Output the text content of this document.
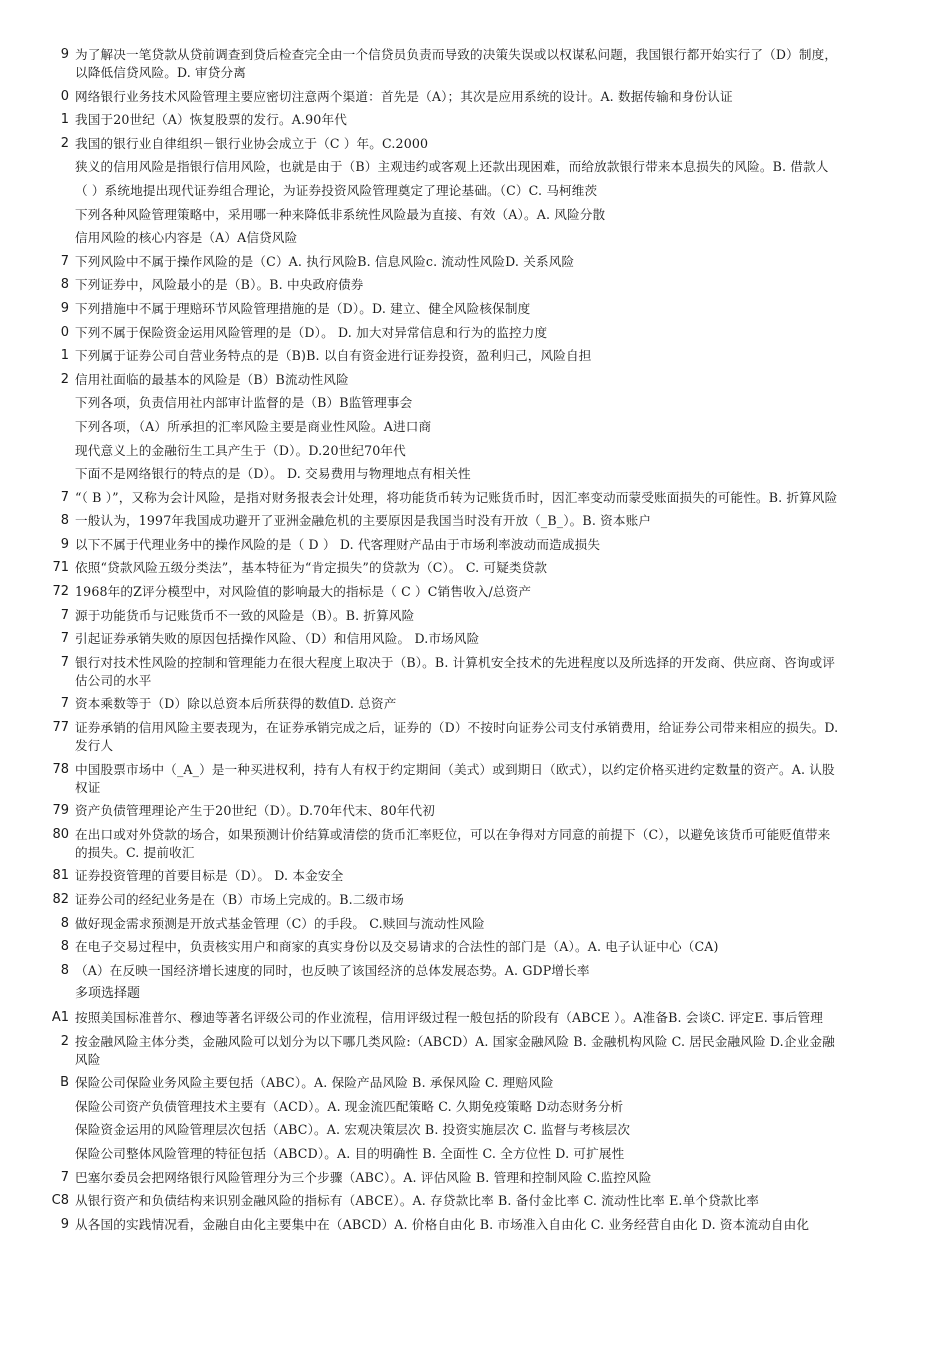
9 为了解决一笔贷款从贷前调查到贷后检查完全由一个信贷员负责而导致的决策失误或以权谋私问题，我国银行都开始实行了（D）制度，以降低信贷风险。D. 审贷分离
0 网络银行业务技术风险管理主要应密切注意两个渠道：首先是（A）；其次是应用系统的设计。A. 数据传输和身份认证
1 我国于20世纪（A）恢复股票的发行。A.90年代
2 我国的银行业自律组织－银行业协会成立于（C ）年。C.2000
狭义的信用风险是指银行信用风险，也就是由于（B）主观违约或客观上还款出现困难，而给放款银行带来本息损失的风险。B. 借款人
（ ）系统地提出现代证券组合理论，为证券投资风险管理奠定了理论基础。（C）C. 马柯维茨
下列各种风险管理策略中，采用哪一种来降低非系统性风险最为直接、有效（A）。A. 风险分散
信用风险的核心内容是（A）A信贷风险
7 下列风险中不属于操作风险的是（C）A. 执行风险B. 信息风险c. 流动性风险D. 关系风险
8 下列证券中，风险最小的是（B）。B. 中央政府债券
9 下列措施中不属于理赔环节风险管理措施的是（D）。D. 建立、健全风险核保制度
0 下列不属于保险资金运用风险管理的是（D）。 D. 加大对异常信息和行为的监控力度
1 下列属于证券公司自营业务特点的是（B)B. 以自有资金进行证券投资，盈利归己，风险自担
2 信用社面临的最基本的风险是（B）B流动性风险
下列各项，负责信用社内部审计监督的是（B）B监管理事会
下列各项，（A）所承担的汇率风险主要是商业性风险。A进口商
现代意义上的金融衍生工具产生于（D）。D.20世纪70年代
下面不是网络银行的特点的是（D）。 D. 交易费用与物理地点有相关性
7 “（ B ）”，又称为会计风险，是指对财务报表会计处理，将功能货币转为记账货币时，因汇率变动而蒙受账面损失的可能性。B. 折算风险
8 一般认为，1997年我国成功避开了亚洲金融危机的主要原因是我国当时没有开放（_B_）。B. 资本账户
9 以下不属于代理业务中的操作风险的是（ D ） D. 代客理财产品由于市场利率波动而造成损失
71 依照“贷款风险五级分类法”，基本特征为“肯定损失”的贷款为（C）。 C. 可疑类贷款
72 1968年的Z评分模型中，对风险值的影响最大的指标是（ C ）C销售收入/总资产
7 源于功能货币与记账货币不一致的风险是（B）。B. 折算风险
7 引起证券承销失败的原因包括操作风险、（D）和信用风险。 D.市场风险
7 银行对技术性风险的控制和管理能力在很大程度上取决于（B）。B. 计算机安全技术的先进程度以及所选择的开发商、供应商、咨询或评估公司的水平
7 资本乘数等于（D）除以总资本后所获得的数值D. 总资产
77 证券承销的信用风险主要表现为，在证券承销完成之后，证券的（D）不按时向证券公司支付承销费用，给证券公司带来相应的损失。D.发行人
78 中国股票市场中（_A_）是一种买进权利，持有人有权于约定期间（美式）或到期日（欧式），以约定价格买进约定数量的资产。A. 认股权证
79 资产负债管理理论产生于20世纪（D）。D.70年代末、80年代初
80 在出口或对外贷款的场合，如果预测计价结算或清偿的货币汇率贬位，可以在争得对方同意的前提下（C），以避免该货币可能贬值带来的损失。C. 提前收汇
81 证券投资管理的首要目标是（D）。 D. 本金安全
82 证券公司的经纪业务是在（B）市场上完成的。B.二级市场
8 做好现金需求预测是开放式基金管理（C）的手段。 C.赎回与流动性风险
8 在电子交易过程中，负责核实用户和商家的真实身份以及交易请求的合法性的部门是（A）。A. 电子认证中心（CA)
8 （A）在反映一国经济增长速度的同时，也反映了该国经济的总体发展态势。A. GDP增长率
多项选择题
A1 按照美国标准普尔、穆迪等著名评级公司的作业流程，信用评级过程一般包括的阶段有（ABCE ）。A准备B. 会谈C. 评定E. 事后管理
2 按金融风险主体分类，金融风险可以划分为以下哪几类风险:（ABCD）A. 国家金融风险 B. 金融机构风险 C. 居民金融风险 D.企业金融风险
B 保险公司保险业务风险主要包括（ABC）。A. 保险产品风险 B. 承保风险 C. 理赔风险
保险公司资产负债管理技术主要有（ACD）。A. 现金流匹配策略 C. 久期免疫策略 D动态财务分析
保险资金运用的风险管理层次包括（ABC）。A. 宏观决策层次 B. 投资实施层次 C. 监督与考核层次
保险公司整体风险管理的特征包括（ABCD）。A. 目的明确性 B. 全面性 C. 全方位性 D. 可扩展性
7 巴塞尔委员会把网络银行风险管理分为三个步骤（ABC）。A. 评估风险 B. 管理和控制风险 C.监控风险
C8 从银行资产和负债结构来识别金融风险的指标有（ABCE）。A. 存贷款比率 B. 备付金比率 C. 流动性比率 E.单个贷款比率
9 从各国的实践情况看，金融自由化主要集中在（ABCD）A. 价格自由化 B. 市场准入自由化 C. 业务经营自由化 D. 资本流动自由化
